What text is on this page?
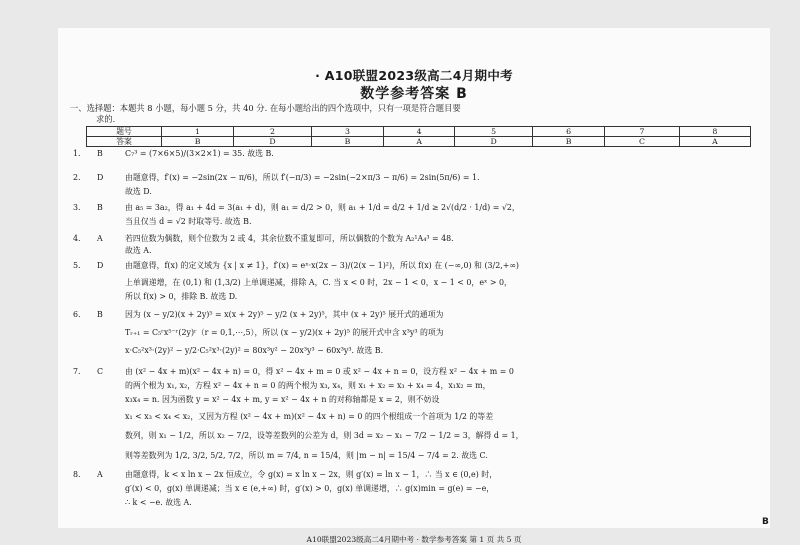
· A10联盟2023级高二4月期中考
数学参考答案 B
一、选择题：本题共 8 小题，每小题 5 分，共 40 分. 在每小题给出的四个选项中，只有一项是符合题目要
求的.
题号	1	2	3	4	5	6	7	8
答案	B	D	B	A	D	B	C	A
1.	B	C₇³ = (7×6×5)/(3×2×1) = 35. 故选 B.
2.	D	由题意得，f′(x) = −2sin(2x − π/6)，所以 f′(−π/3) = −2sin(−2×π/3 − π/6) = 2sin(5π/6) = 1.
故选 D.
3.	B	由 a₅ = 3a₂，得 a₁ + 4d = 3(a₁ + d)，则 a₁ = d/2 > 0，则 a₁ + 1/d = d/2 + 1/d ≥ 2√(d/2 · 1/d) = √2，
当且仅当 d = √2 时取等号. 故选 B.
4.	A	若四位数为偶数，则个位数为 2 或 4，其余位数不重复即可，所以偶数的个数为 A₂¹A₄³ = 48.
故选 A.
5.	D	由题意得，f(x) 的定义域为 {x | x ≠ 1}，f′(x) = eˣ·x(2x − 3)/(2(x − 1)²)，所以 f(x) 在 (−∞,0) 和 (3/2,+∞)
上单调递增，在 (0,1) 和 (1,3/2) 上单调递减，排除 A，C. 当 x < 0 时，2x − 1 < 0，x − 1 < 0，eˣ > 0，
所以 f(x) > 0，排除 B. 故选 D.
6.	B	因为 (x − y/2)(x + 2y)⁵ = x(x + 2y)⁵ − y/2 (x + 2y)⁵，其中 (x + 2y)⁵ 展开式的通项为
Tᵣ₊₁ = C₅ʳx⁵⁻ʳ(2y)ʳ（r = 0,1,⋯,5），所以 (x − y/2)(x + 2y)⁵ 的展开式中含 x³y³ 的项为
x·C₅²x³·(2y)² − y/2·C₅²x³·(2y)² = 80x³y² − 20x³y³ − 60x³y³. 故选 B.
7.	C	由 (x² − 4x + m)(x² − 4x + n) = 0，得 x² − 4x + m = 0 或 x² − 4x + n = 0，设方程 x² − 4x + m = 0
的两个根为 x₁, x₂，方程 x² − 4x + n = 0 的两个根为 x₃, x₄，则 x₁ + x₂ = x₃ + x₄ = 4，x₁x₂ = m，
x₃x₄ = n. 因为函数 y = x² − 4x + m, y = x² − 4x + n 的对称轴都是 x = 2，则不妨设
x₁ < x₃ < x₄ < x₂，又因为方程 (x² − 4x + m)(x² − 4x + n) = 0 的四个根组成一个首项为 1/2 的等差
数列，则 x₁ − 1/2，所以 x₂ − 7/2，设等差数列的公差为 d，则 3d = x₂ − x₁ − 7/2 − 1/2 = 3，解得 d = 1，
则等差数列为 1/2, 3/2, 5/2, 7/2，所以 m = 7/4, n = 15/4，则 |m − n| = 15/4 − 7/4 = 2. 故选 C.
8.	A	由题意得，k < x ln x − 2x 恒成立，令 g(x) = x ln x − 2x，则 g′(x) = ln x − 1，∴ 当 x ∈ (0,e) 时，
g′(x) < 0，g(x) 单调递减；当 x ∈ (e,+∞) 时，g′(x) > 0，g(x) 单调递增，∴ g(x)min = g(e) = −e，
∴ k < −e. 故选 A.
A10联盟2023级高二4月期中考 · 数学参考答案 第 1 页 共 5 页
B
